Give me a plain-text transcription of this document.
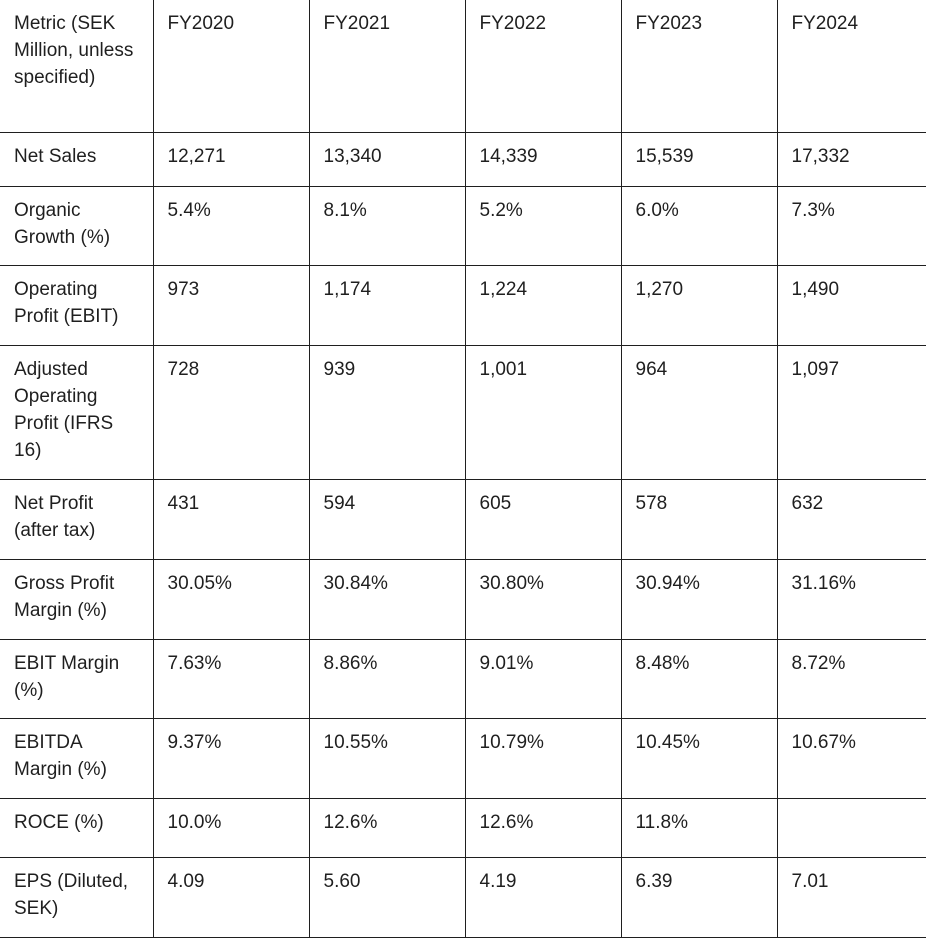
Metric (SEK Million, unless specified)	FY2020	FY2021	FY2022	FY2023	FY2024
Net Sales	12,271	13,340	14,339	15,539	17,332
Organic Growth (%)	5.4%	8.1%	5.2%	6.0%	7.3%
Operating Profit (EBIT)	973	1,174	1,224	1,270	1,490
Adjusted Operating Profit (IFRS 16)	728	939	1,001	964	1,097
Net Profit (after tax)	431	594	605	578	632
Gross Profit Margin (%)	30.05%	30.84%	30.80%	30.94%	31.16%
EBIT Margin (%)	7.63%	8.86%	9.01%	8.48%	8.72%
EBITDA Margin (%)	9.37%	10.55%	10.79%	10.45%	10.67%
ROCE (%)	10.0%	12.6%	12.6%	11.8%	
EPS (Diluted, SEK)	4.09	5.60	4.19	6.39	7.01
